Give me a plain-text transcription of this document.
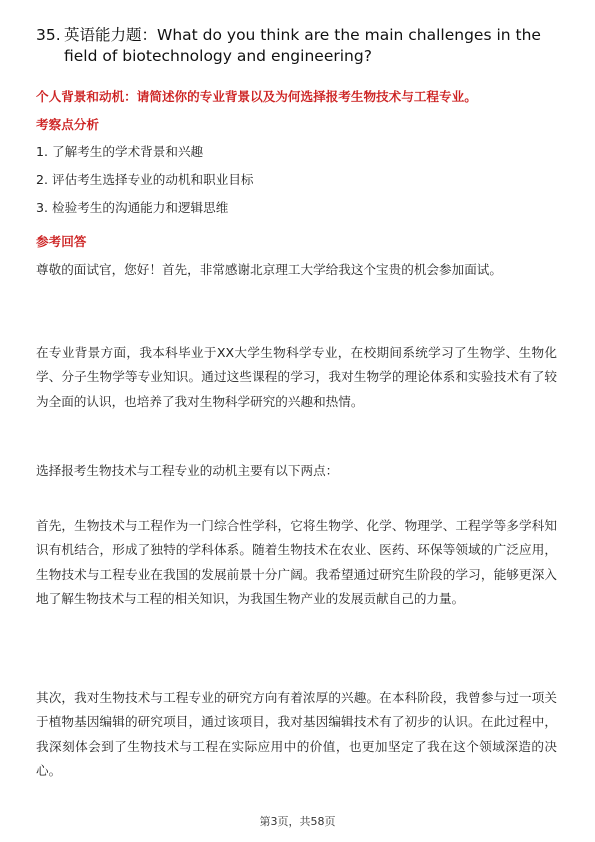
35. 英语能力题：What do you think are the main challenges in the field of biotechnology and engineering?
个人背景和动机：请简述你的专业背景以及为何选择报考生物技术与工程专业。
考察点分析
1. 了解考生的学术背景和兴趣
2. 评估考生选择专业的动机和职业目标
3. 检验考生的沟通能力和逻辑思维
参考回答
尊敬的面试官，您好！首先，非常感谢北京理工大学给我这个宝贵的机会参加面试。
在专业背景方面，我本科毕业于XX大学生物科学专业，在校期间系统学习了生物学、生物化学、分子生物学等专业知识。通过这些课程的学习，我对生物学的理论体系和实验技术有了较为全面的认识，也培养了我对生物科学研究的兴趣和热情。
选择报考生物技术与工程专业的动机主要有以下两点：
首先，生物技术与工程作为一门综合性学科，它将生物学、化学、物理学、工程学等多学科知识有机结合，形成了独特的学科体系。随着生物技术在农业、医药、环保等领域的广泛应用，生物技术与工程专业在我国的发展前景十分广阔。我希望通过研究生阶段的学习，能够更深入地了解生物技术与工程的相关知识，为我国生物产业的发展贡献自己的力量。
其次，我对生物技术与工程专业的研究方向有着浓厚的兴趣。在本科阶段，我曾参与过一项关于植物基因编辑的研究项目，通过该项目，我对基因编辑技术有了初步的认识。在此过程中，我深刻体会到了生物技术与工程在实际应用中的价值，也更加坚定了我在这个领域深造的决心。
第3页，共58页
